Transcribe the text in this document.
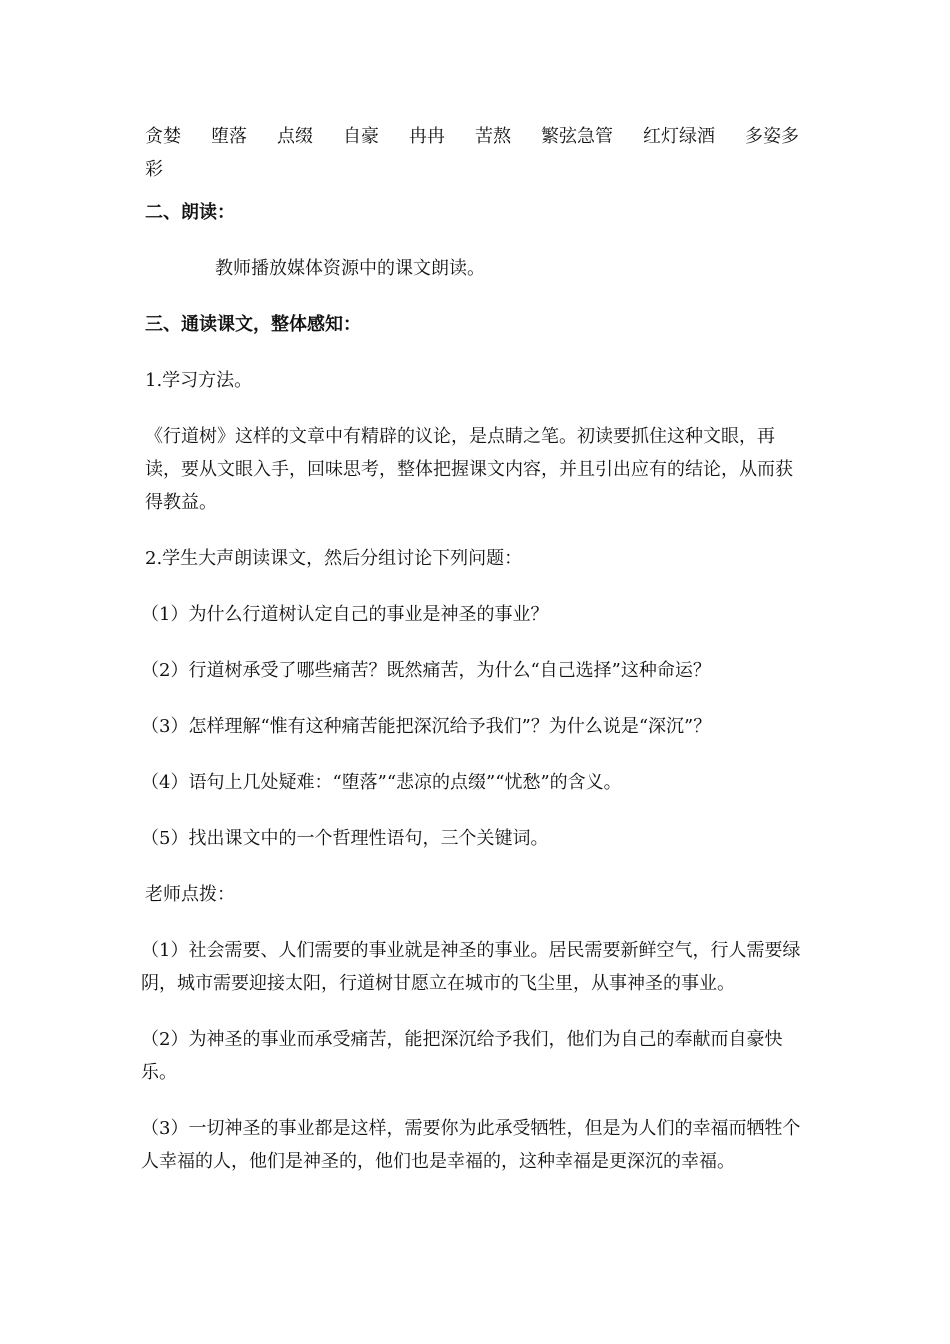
贪婪 堕落 点缀 自豪 冉冉 苦熬 繁弦急管 红灯绿酒 多姿多彩
二、朗读：
教师播放媒体资源中的课文朗读。
三、通读课文，整体感知：

1.学习方法。

《行道树》这样的文章中有精辟的议论，是点睛之笔。初读要抓住这种文眼，再读，要从文眼入手，回味思考，整体把握课文内容，并且引出应有的结论，从而获得教益。

2.学生大声朗读课文，然后分组讨论下列问题：

（1）为什么行道树认定自己的事业是神圣的事业？
（2）行道树承受了哪些痛苦？既然痛苦，为什么“自己选择”这种命运？
（3）怎样理解“惟有这种痛苦能把深沉给予我们”？为什么说是“深沉”？
（4）语句上几处疑难：“堕落”“悲凉的点缀”“忧愁”的含义。
（5）找出课文中的一个哲理性语句，三个关键词。

老师点拨：

（1）社会需要、人们需要的事业就是神圣的事业。居民需要新鲜空气，行人需要绿阴，城市需要迎接太阳，行道树甘愿立在城市的飞尘里，从事神圣的事业。
（2）为神圣的事业而承受痛苦，能把深沉给予我们，他们为自己的奉献而自豪快乐。
（3）一切神圣的事业都是这样，需要你为此承受牺牲，但是为人们的幸福而牺牲个人幸福的人，他们是神圣的，他们也是幸福的，这种幸福是更深沉的幸福。
